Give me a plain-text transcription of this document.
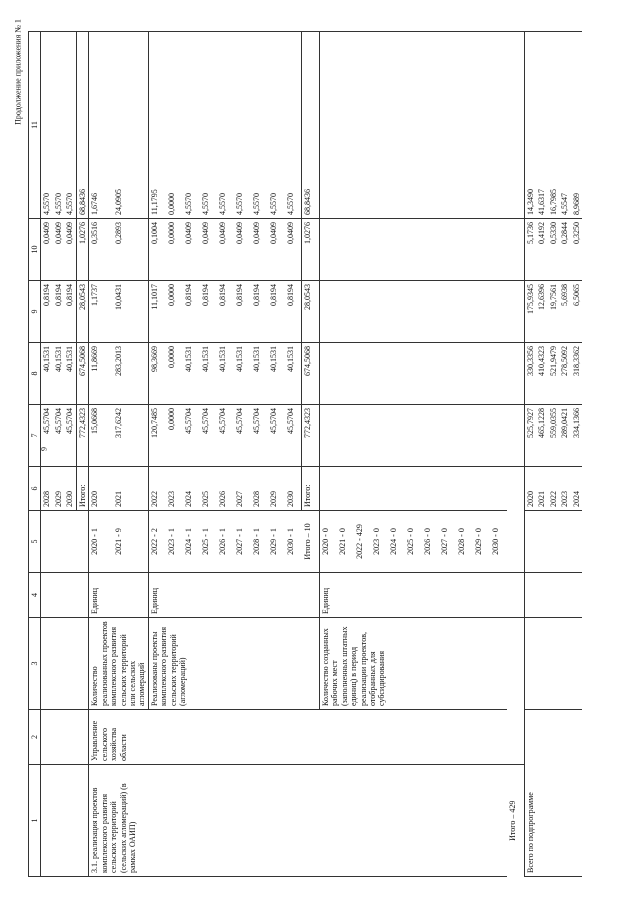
9
Продолжение приложения № 1
1	2	3	4	5	6	7	8	9	10	11
					2028	45,5704	40,1531	0,8194	0,0409	4,5570
					2029	45,5704	40,1531	0,8194	0,0409	4,5570
					2030	45,5704	40,1531	0,8194	0,0409	4,5570
					Итого:	772,4323	674,5068	28,0543	1,0276	68,8436
3.1. реализация проектов комплексного развития сельских территорий (сельских агломераций) (в рамках ОАИП)	Управление сельского хозяйства области	Количество реализованных проектов комплексного развития сельских территорий или сельских агломераций	Единиц	2020 - 1	2020	15,0668	11,8669	1,1737	0,3516	1,6746
				2021 - 9	2021	317,6242	283,2013	10,0431	0,2893	24,0905

		Реализованы проекты комплексного развития сельских территорий (агломераций)	Единиц	2022 - 2	2022	120,7485	98,3669	11,1017	0,1004	11,1795
				2023 - 1	2023	0,0000	0,0000	0,0000	0,0000	0,0000
				2024 - 1	2024	45,5704	40,1531	0,8194	0,0409	4,5570
				2025 - 1	2025	45,5704	40,1531	0,8194	0,0409	4,5570
				2026 - 1	2026	45,5704	40,1531	0,8194	0,0409	4,5570
				2027 - 1	2027	45,5704	40,1531	0,8194	0,0409	4,5570
				2028 - 1	2028	45,5704	40,1531	0,8194	0,0409	4,5570
				2029 - 1	2029	45,5704	40,1531	0,8194	0,0409	4,5570
				2030 - 1	2030	45,5704	40,1531	0,8194	0,0409	4,5570
				Итого – 10	Итого:	772,4323	674,5068	28,0543	1,0276	68,8436
		Количество созданных рабочих мест (заполненных штатных единиц) в период реализации проектов, отобранных для субсидирования	Единиц	2020 - 0						
				2021 - 0						
				2022 - 429						
				2023 - 0						
				2024 - 0						
				2025 - 0						
				2026 - 0						
				2027 - 0						
				2028 - 0						
				2029 - 0						
				2030 - 0						
Итого – 429										
Всего по подпрограмме					2020	525,7927	330,3356	175,9345	5,1736	14,3490
					2021	465,1228	410,4323	12,6396	0,4192	41,6317
					2022	559,0355	521,9479	19,7561	0,5330	16,7985
					2023	289,0421	278,5092	5,6938	0,2844	4,5547
					2024	334,1366	318,3362	6,5065	0,3250	8,9689
